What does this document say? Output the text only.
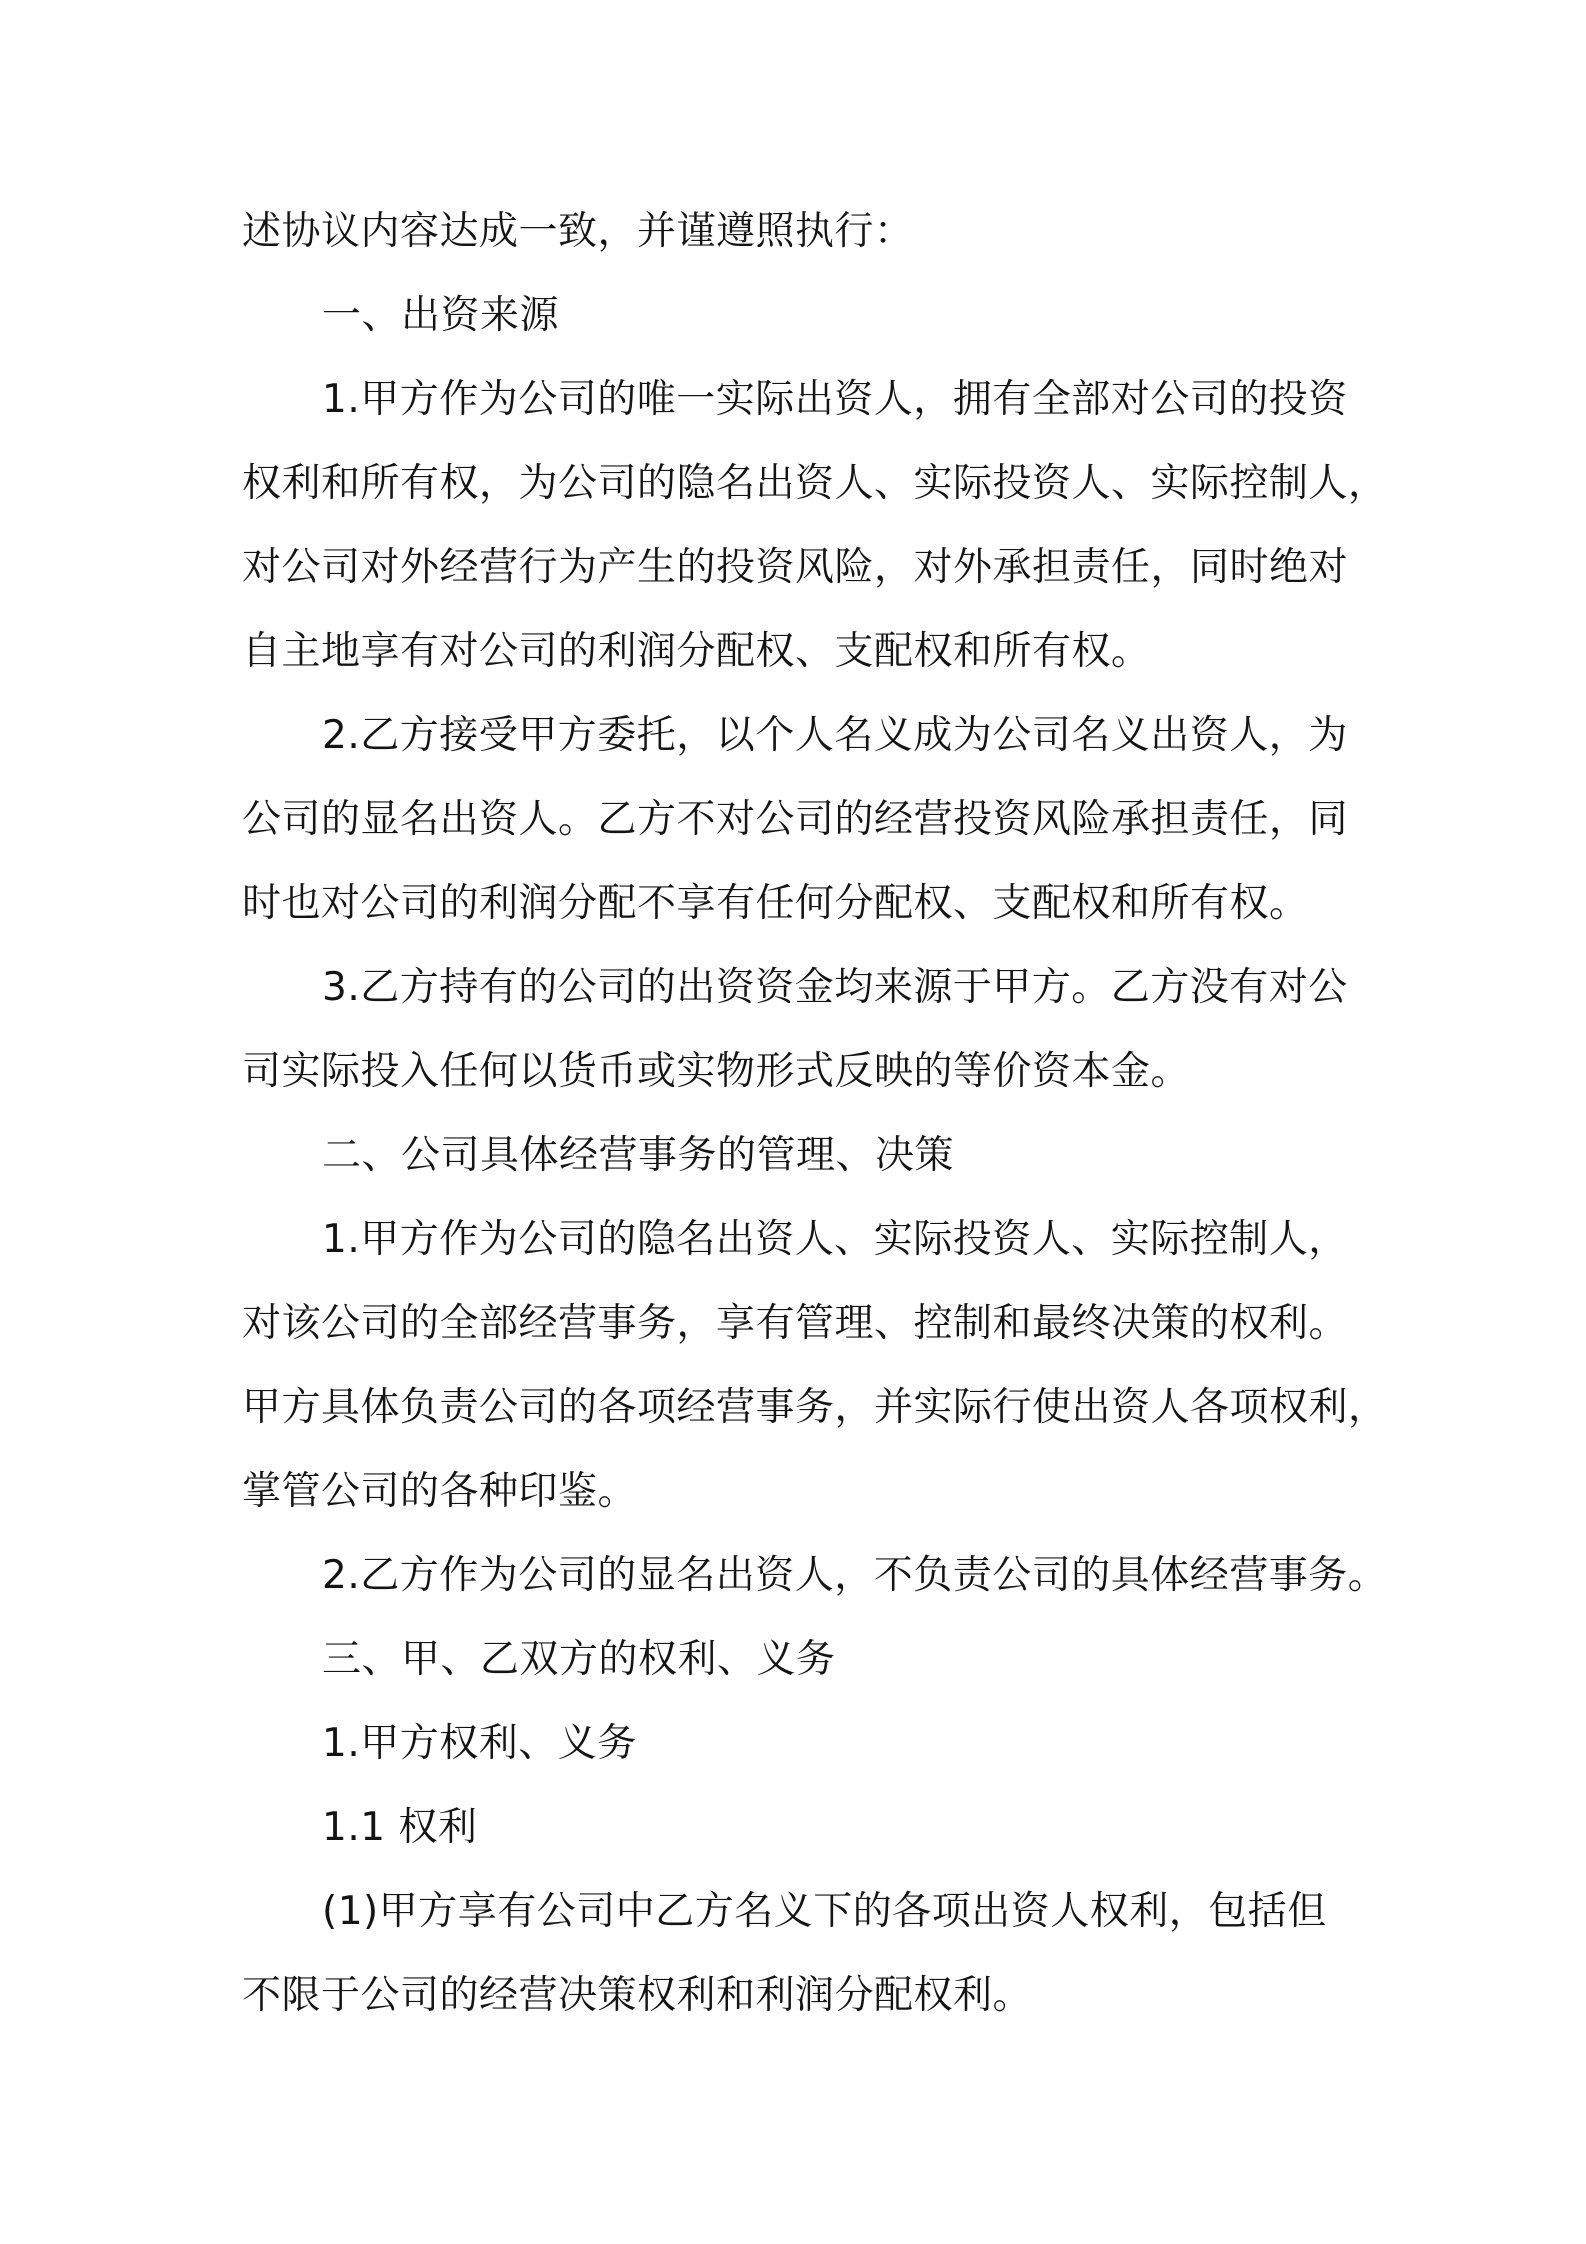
述协议内容达成一致，并谨遵照执行：
一、出资来源
1.甲方作为公司的唯一实际出资人，拥有全部对公司的投资
权利和所有权，为公司的隐名出资人、实际投资人、实际控制人，
对公司对外经营行为产生的投资风险，对外承担责任，同时绝对
自主地享有对公司的利润分配权、支配权和所有权。
2.乙方接受甲方委托，以个人名义成为公司名义出资人，为
公司的显名出资人。乙方不对公司的经营投资风险承担责任，同
时也对公司的利润分配不享有任何分配权、支配权和所有权。
3.乙方持有的公司的出资资金均来源于甲方。乙方没有对公
司实际投入任何以货币或实物形式反映的等价资本金。
二、公司具体经营事务的管理、决策
1.甲方作为公司的隐名出资人、实际投资人、实际控制人，
对该公司的全部经营事务，享有管理、控制和最终决策的权利。
甲方具体负责公司的各项经营事务，并实际行使出资人各项权利，
掌管公司的各种印鉴。
2.乙方作为公司的显名出资人，不负责公司的具体经营事务。
三、甲、乙双方的权利、义务
1.甲方权利、义务
1.1 权利
(1)甲方享有公司中乙方名义下的各项出资人权利，包括但
不限于公司的经营决策权利和利润分配权利。
